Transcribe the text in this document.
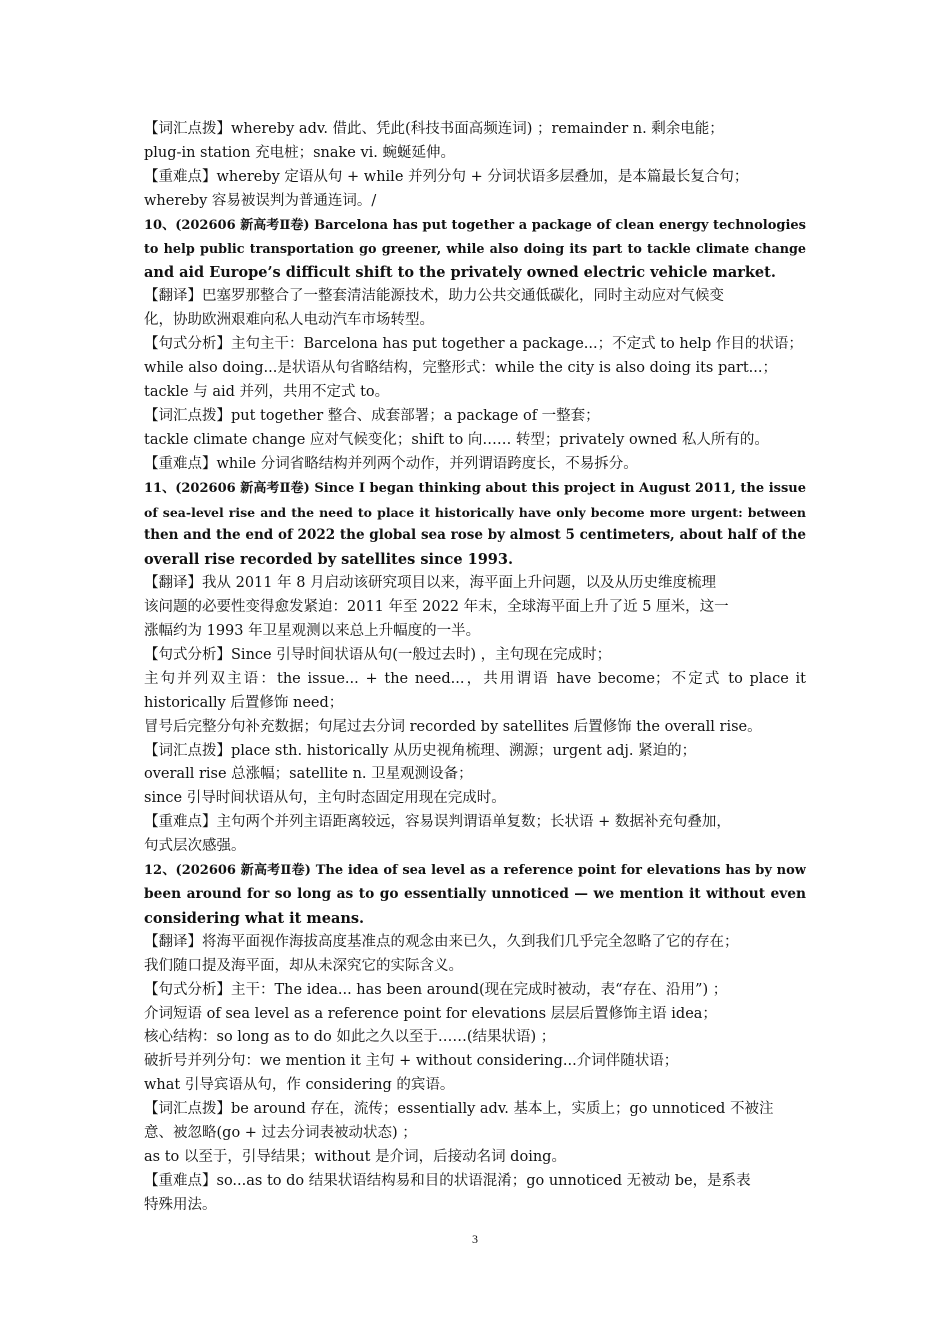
【词汇点拨】whereby adv. 借此、凭此(科技书面高频连词) ；remainder n. 剩余电能；
plug-in station 充电桩；snake vi. 蜿蜒延伸。
【重难点】whereby 定语从句 + while 并列分句 + 分词状语多层叠加，是本篇最长复合句；
whereby 容易被误判为普通连词。/
10、(202606 新高考Ⅱ卷) Barcelona has put together a package of clean energy technologies
to help public transportation go greener, while also doing its part to tackle climate change
and aid Europe’s difficult shift to the privately owned electric vehicle market.
【翻译】巴塞罗那整合了一整套清洁能源技术，助力公共交通低碳化，同时主动应对气候变
化，协助欧洲艰难向私人电动汽车市场转型。
【句式分析】主句主干：Barcelona has put together a package...；不定式 to help 作目的状语；
while also doing...是状语从句省略结构，完整形式：while the city is also doing its part...；
tackle 与 aid 并列，共用不定式 to。
【词汇点拨】put together 整合、成套部署；a package of 一整套；
tackle climate change 应对气候变化；shift to 向…… 转型；privately owned 私人所有的。
【重难点】while 分词省略结构并列两个动作，并列谓语跨度长，不易拆分。
11、(202606 新高考Ⅱ卷) Since I began thinking about this project in August 2011, the issue
of sea-level rise and the need to place it historically have only become more urgent: between
then and the end of 2022 the global sea rose by almost 5 centimeters, about half of the
overall rise recorded by satellites since 1993.
【翻译】我从 2011 年 8 月启动该研究项目以来，海平面上升问题，以及从历史维度梳理
该问题的必要性变得愈发紧迫：2011 年至 2022 年末，全球海平面上升了近 5 厘米，这一
涨幅约为 1993 年卫星观测以来总上升幅度的一半。
【句式分析】Since 引导时间状语从句(一般过去时) ，主句现在完成时；
主句并列双主语：the issue... + the need...，共用谓语 have become；不定式 to place it
historically 后置修饰 need；
冒号后完整分句补充数据；句尾过去分词 recorded by satellites 后置修饰 the overall rise。
【词汇点拨】place sth. historically 从历史视角梳理、溯源；urgent adj. 紧迫的；
overall rise 总涨幅；satellite n. 卫星观测设备；
since 引导时间状语从句，主句时态固定用现在完成时。
【重难点】主句两个并列主语距离较远，容易误判谓语单复数；长状语 + 数据补充句叠加，
句式层次感强。
12、(202606 新高考Ⅱ卷) The idea of sea level as a reference point for elevations has by now
been around for so long as to go essentially unnoticed — we mention it without even
considering what it means.
【翻译】将海平面视作海拔高度基准点的观念由来已久，久到我们几乎完全忽略了它的存在；
我们随口提及海平面，却从未深究它的实际含义。
【句式分析】主干：The idea... has been around(现在完成时被动，表“存在、沿用”) ；
介词短语 of sea level as a reference point for elevations 层层后置修饰主语 idea；
核心结构：so long as to do 如此之久以至于……(结果状语) ；
破折号并列分句：we mention it 主句 + without considering...介词伴随状语；
what 引导宾语从句，作 considering 的宾语。
【词汇点拨】be around 存在，流传；essentially adv. 基本上，实质上；go unnoticed 不被注
意、被忽略(go + 过去分词表被动状态) ；
as to 以至于，引导结果；without 是介词，后接动名词 doing。
【重难点】so...as to do 结果状语结构易和目的状语混淆；go unnoticed 无被动 be，是系表
特殊用法。
3
